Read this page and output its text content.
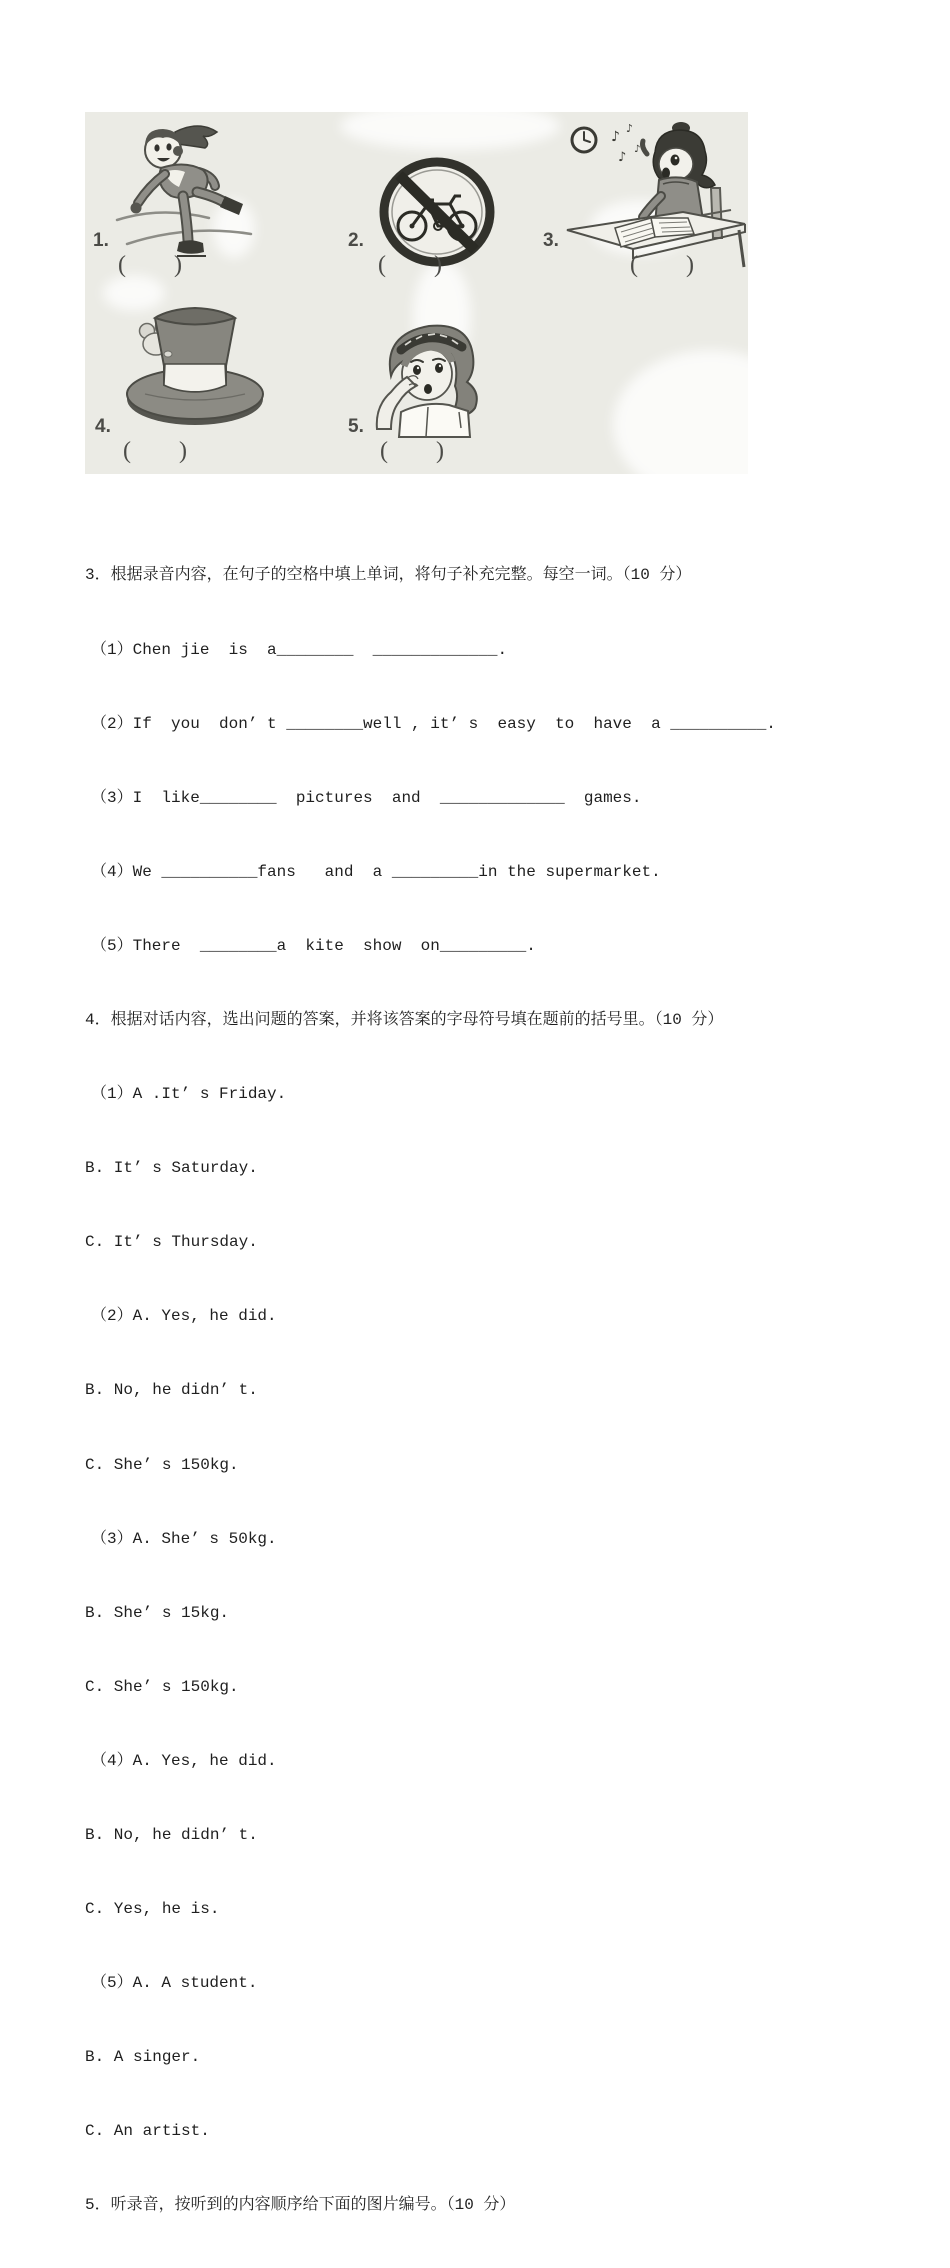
♪
♪
♪
♪
1.	2.	3.
4.	5.
(        )	(        )	(        )
(        )	(        )

3．根据录音内容，在句子的空格中填上单词，将句子补充完整。每空一词。（10 分）

（1）Chen jie  is  a________  _____________.

（2）If  you  don’ t ________well , it’ s  easy  to  have  a __________.

（3）I  like________  pictures  and  _____________  games.

（4）We __________fans   and  a _________in the supermarket.

（5）There  ________a  kite  show  on_________.

4．根据对话内容，选出问题的答案，并将该答案的字母符号填在题前的括号里。（10 分）

（1）A .It’ s Friday.

B. It’ s Saturday.

C. It’ s Thursday.

（2）A. Yes, he did.

B. No, he didn’ t.

C. She’ s 150kg.

（3）A. She’ s 50kg.

B. She’ s 15kg.

C. She’ s 150kg.

（4）A. Yes, he did.

B. No, he didn’ t.

C. Yes, he is.

（5）A. A student.

B. A singer.

C. An artist.

5．听录音，按听到的内容顺序给下面的图片编号。（10 分）
